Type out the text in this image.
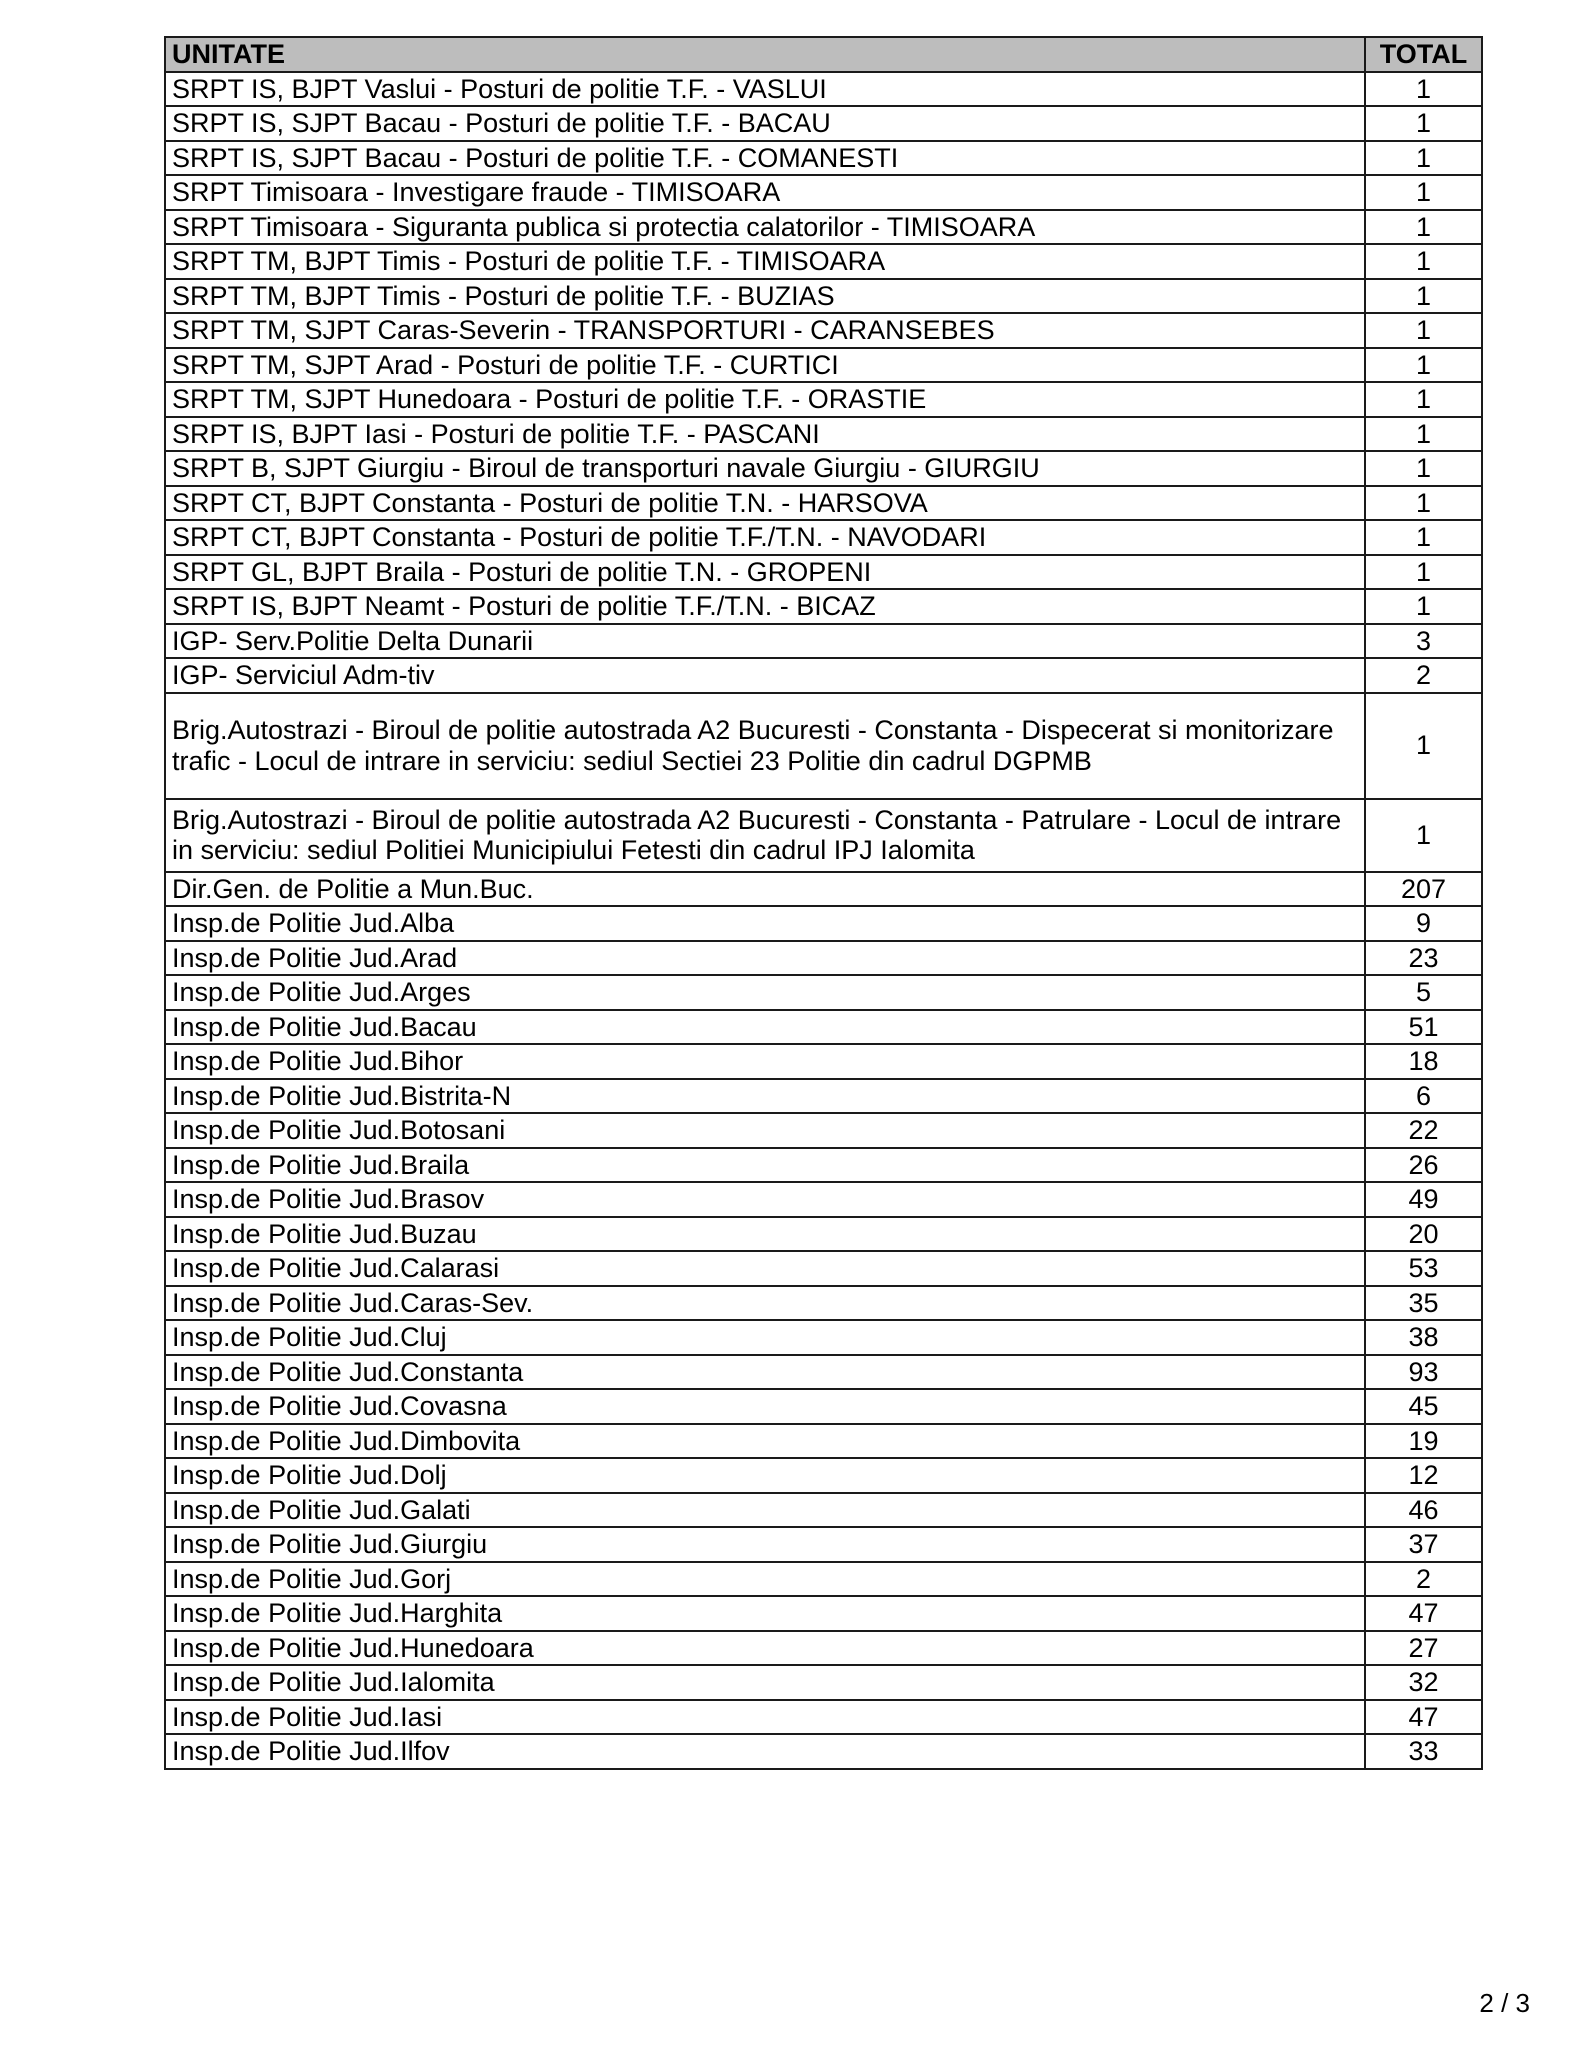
UNITATE	TOTAL
SRPT IS, BJPT Vaslui - Posturi de politie T.F. - VASLUI	1
SRPT IS, SJPT Bacau - Posturi de politie T.F. - BACAU	1
SRPT IS, SJPT Bacau - Posturi de politie T.F. - COMANESTI	1
SRPT Timisoara - Investigare fraude - TIMISOARA	1
SRPT Timisoara - Siguranta publica si protectia calatorilor - TIMISOARA	1
SRPT TM, BJPT Timis - Posturi de politie T.F. - TIMISOARA	1
SRPT TM, BJPT Timis - Posturi de politie T.F. - BUZIAS	1
SRPT TM, SJPT Caras-Severin - TRANSPORTURI - CARANSEBES	1
SRPT TM, SJPT Arad - Posturi de politie T.F. - CURTICI	1
SRPT TM, SJPT Hunedoara - Posturi de politie T.F. - ORASTIE	1
SRPT IS, BJPT Iasi - Posturi de politie T.F. - PASCANI	1
SRPT B, SJPT Giurgiu - Biroul de transporturi navale Giurgiu - GIURGIU	1
SRPT CT, BJPT Constanta - Posturi de politie T.N. - HARSOVA	1
SRPT CT, BJPT Constanta - Posturi de politie T.F./T.N. - NAVODARI	1
SRPT GL, BJPT Braila - Posturi de politie T.N. - GROPENI	1
SRPT IS, BJPT Neamt - Posturi de politie T.F./T.N. - BICAZ	1
IGP- Serv.Politie Delta Dunarii	3
IGP- Serviciul Adm-tiv	2
Brig.Autostrazi - Biroul de politie autostrada A2 Bucuresti - Constanta - Dispecerat si monitorizare trafic - Locul de intrare in serviciu: sediul Sectiei 23 Politie din cadrul DGPMB	1
Brig.Autostrazi - Biroul de politie autostrada A2 Bucuresti - Constanta - Patrulare - Locul de intrare in serviciu: sediul Politiei Municipiului Fetesti din cadrul IPJ Ialomita	1
Dir.Gen. de Politie a Mun.Buc.	207
Insp.de Politie Jud.Alba	9
Insp.de Politie Jud.Arad	23
Insp.de Politie Jud.Arges	5
Insp.de Politie Jud.Bacau	51
Insp.de Politie Jud.Bihor	18
Insp.de Politie Jud.Bistrita-N	6
Insp.de Politie Jud.Botosani	22
Insp.de Politie Jud.Braila	26
Insp.de Politie Jud.Brasov	49
Insp.de Politie Jud.Buzau	20
Insp.de Politie Jud.Calarasi	53
Insp.de Politie Jud.Caras-Sev.	35
Insp.de Politie Jud.Cluj	38
Insp.de Politie Jud.Constanta	93
Insp.de Politie Jud.Covasna	45
Insp.de Politie Jud.Dimbovita	19
Insp.de Politie Jud.Dolj	12
Insp.de Politie Jud.Galati	46
Insp.de Politie Jud.Giurgiu	37
Insp.de Politie Jud.Gorj	2
Insp.de Politie Jud.Harghita	47
Insp.de Politie Jud.Hunedoara	27
Insp.de Politie Jud.Ialomita	32
Insp.de Politie Jud.Iasi	47
Insp.de Politie Jud.Ilfov	33
2 / 3
